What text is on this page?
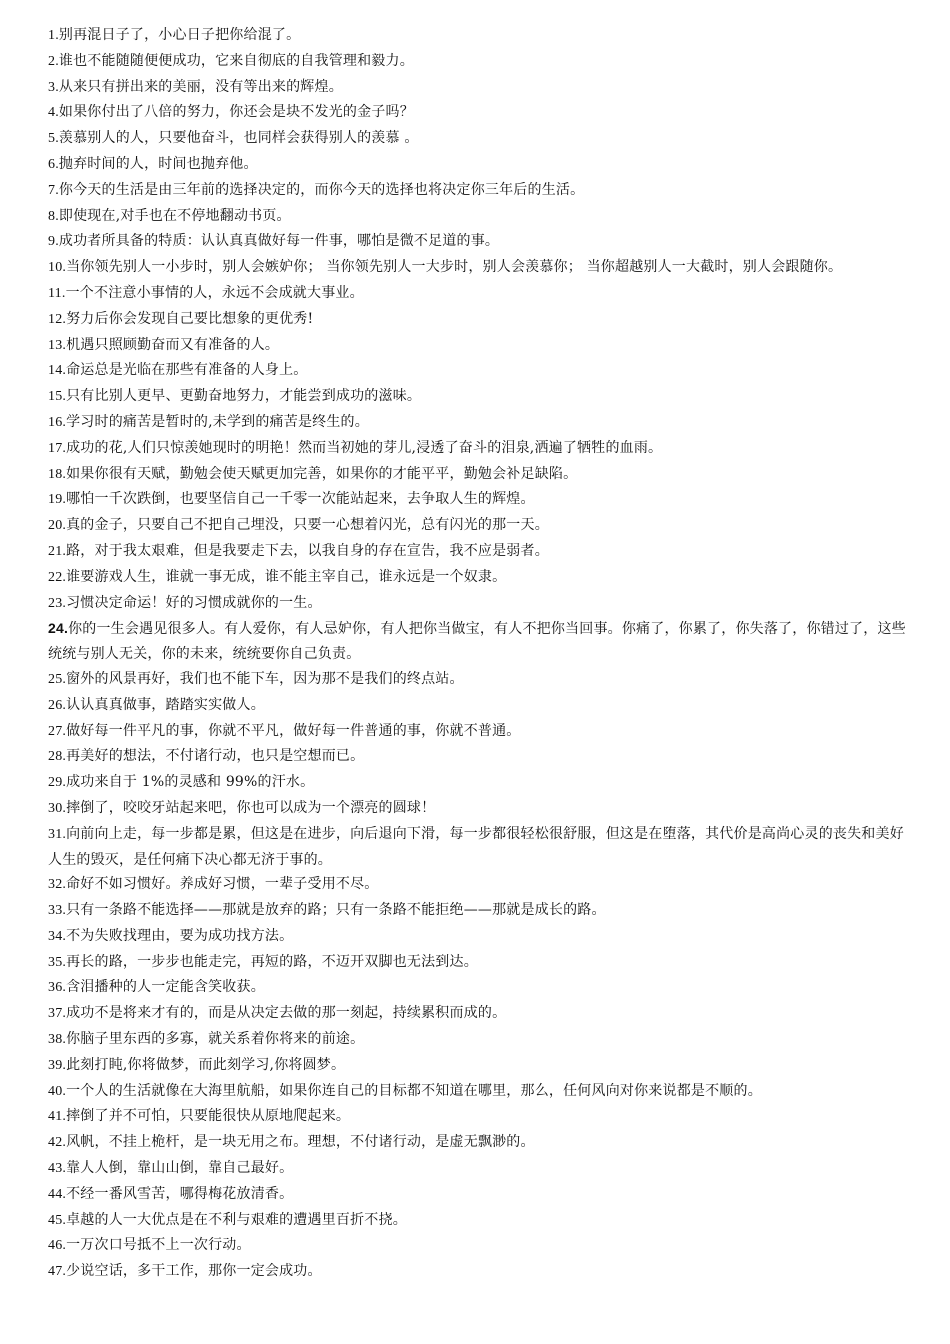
1.别再混日子了，小心日子把你给混了。

2.谁也不能随随便便成功，它来自彻底的自我管理和毅力。

3.从来只有拼出来的美丽，没有等出来的辉煌。

4.如果你付出了八倍的努力，你还会是块不发光的金子吗？

5.羡慕别人的人，只要他奋斗，也同样会获得别人的羡慕 。

6.抛弃时间的人，时间也抛弃他。

7.你今天的生活是由三年前的选择决定的，而你今天的选择也将决定你三年后的生活。

8.即使现在,对手也在不停地翻动书页。

9.成功者所具备的特质：认认真真做好每一件事，哪怕是微不足道的事。

10.当你领先别人一小步时，别人会嫉妒你； 当你领先别人一大步时，别人会羡慕你； 当你超越别人一大截时，别人会跟随你。

11.一个不注意小事情的人，永远不会成就大事业。

12.努力后你会发现自己要比想象的更优秀!

13.机遇只照顾勤奋而又有准备的人。

14.命运总是光临在那些有准备的人身上。

15.只有比别人更早、更勤奋地努力，才能尝到成功的滋味。

16.学习时的痛苦是暂时的,未学到的痛苦是终生的。

17.成功的花,人们只惊羡她现时的明艳！然而当初她的芽儿,浸透了奋斗的泪泉,洒遍了牺牲的血雨。

18.如果你很有天赋，勤勉会使天赋更加完善，如果你的才能平平，勤勉会补足缺陷。

19.哪怕一千次跌倒，也要坚信自己一千零一次能站起来，去争取人生的辉煌。

20.真的金子，只要自己不把自己埋没，只要一心想着闪光，总有闪光的那一天。

21.路，对于我太艰难，但是我要走下去，以我自身的存在宣告，我不应是弱者。

22.谁要游戏人生，谁就一事无成，谁不能主宰自己，谁永远是一个奴隶。

23.习惯决定命运！好的习惯成就你的一生。

24.你的一生会遇见很多人。有人爱你，有人忌妒你，有人把你当做宝，有人不把你当回事。你痛了，你累了，你失落了，你错过了，这些统统与别人无关，你的未来，统统要你自己负责。

25.窗外的风景再好，我们也不能下车，因为那不是我们的终点站。

26.认认真真做事，踏踏实实做人。

27.做好每一件平凡的事，你就不平凡，做好每一件普通的事，你就不普通。

28.再美好的想法，不付诸行动，也只是空想而已。

29.成功来自于 1%的灵感和 99%的汗水。

30.摔倒了，咬咬牙站起来吧，你也可以成为一个漂亮的圆球！

31.向前向上走，每一步都是累，但这是在进步，向后退向下滑，每一步都很轻松很舒服，但这是在堕落，其代价是高尚心灵的丧失和美好人生的毁灭，是任何痛下决心都无济于事的。

32.命好不如习惯好。养成好习惯，一辈子受用不尽。

33.只有一条路不能选择——那就是放弃的路；只有一条路不能拒绝——那就是成长的路。

34.不为失败找理由，要为成功找方法。

35.再长的路，一步步也能走完，再短的路，不迈开双脚也无法到达。

36.含泪播种的人一定能含笑收获。

37.成功不是将来才有的，而是从决定去做的那一刻起，持续累积而成的。

38.你脑子里东西的多寡，就关系着你将来的前途。

39.此刻打盹,你将做梦，而此刻学习,你将圆梦。

40.一个人的生活就像在大海里航船，如果你连自己的目标都不知道在哪里，那么，任何风向对你来说都是不顺的。

41.摔倒了并不可怕，只要能很快从原地爬起来。

42.风帆，不挂上桅杆，是一块无用之布。理想，不付诸行动，是虚无飘渺的。

43.靠人人倒，靠山山倒，靠自己最好。

44.不经一番风雪苦，哪得梅花放清香。

45.卓越的人一大优点是在不利与艰难的遭遇里百折不挠。

46.一万次口号抵不上一次行动。

47.少说空话，多干工作，那你一定会成功。
